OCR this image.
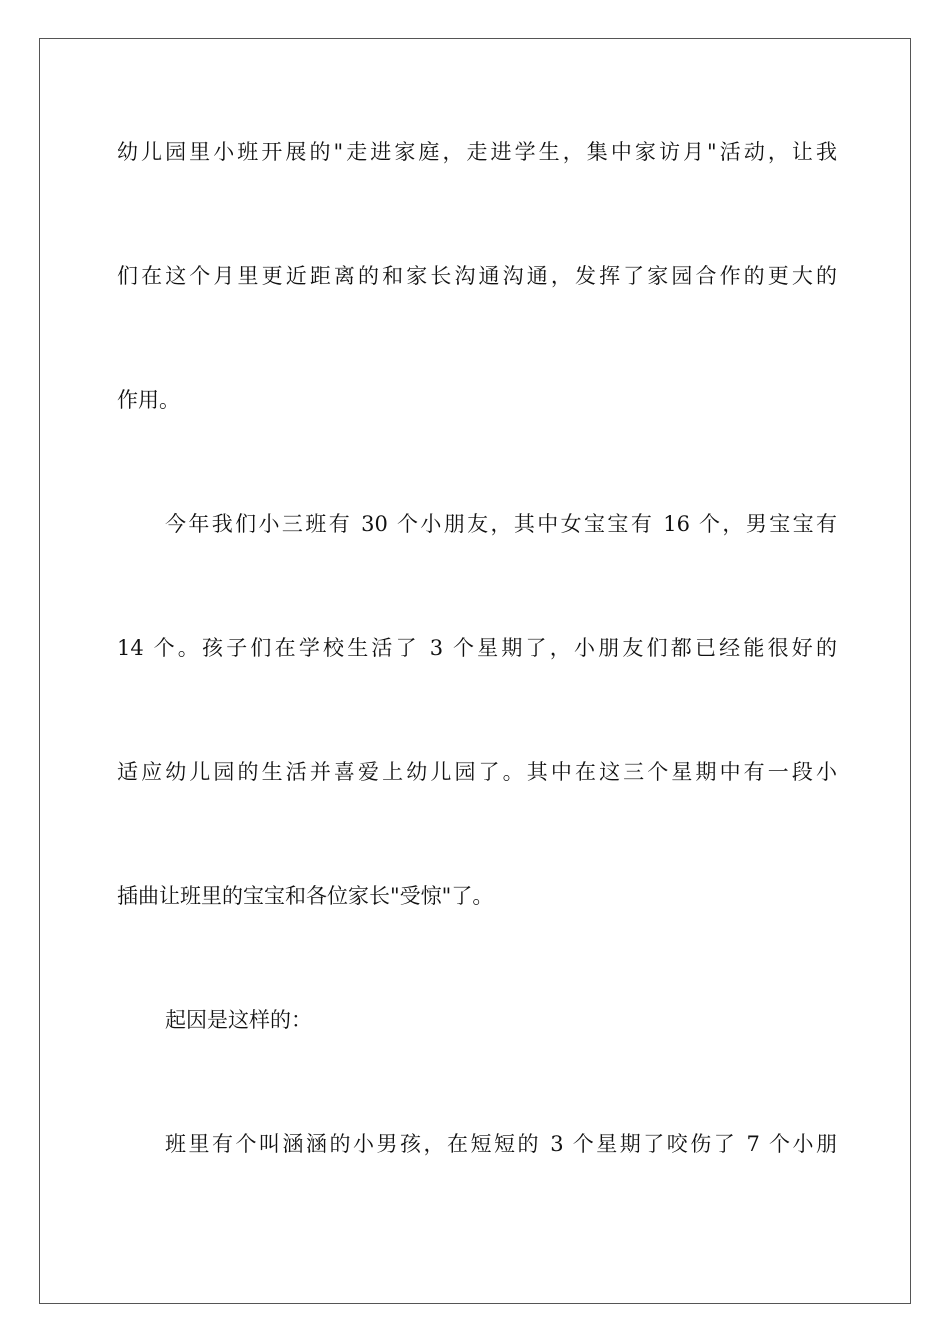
幼儿园里小班开展的"走进家庭，走进学生，集中家访月"活动，让我
们在这个月里更近距离的和家长沟通沟通，发挥了家园合作的更大的
作用。
今年我们小三班有 30 个小朋友，其中女宝宝有 16 个，男宝宝有
14 个。孩子们在学校生活了 3 个星期了，小朋友们都已经能很好的
适应幼儿园的生活并喜爱上幼儿园了。其中在这三个星期中有一段小
插曲让班里的宝宝和各位家长"受惊"了。
起因是这样的：
班里有个叫涵涵的小男孩，在短短的 3 个星期了咬伤了 7 个小朋
